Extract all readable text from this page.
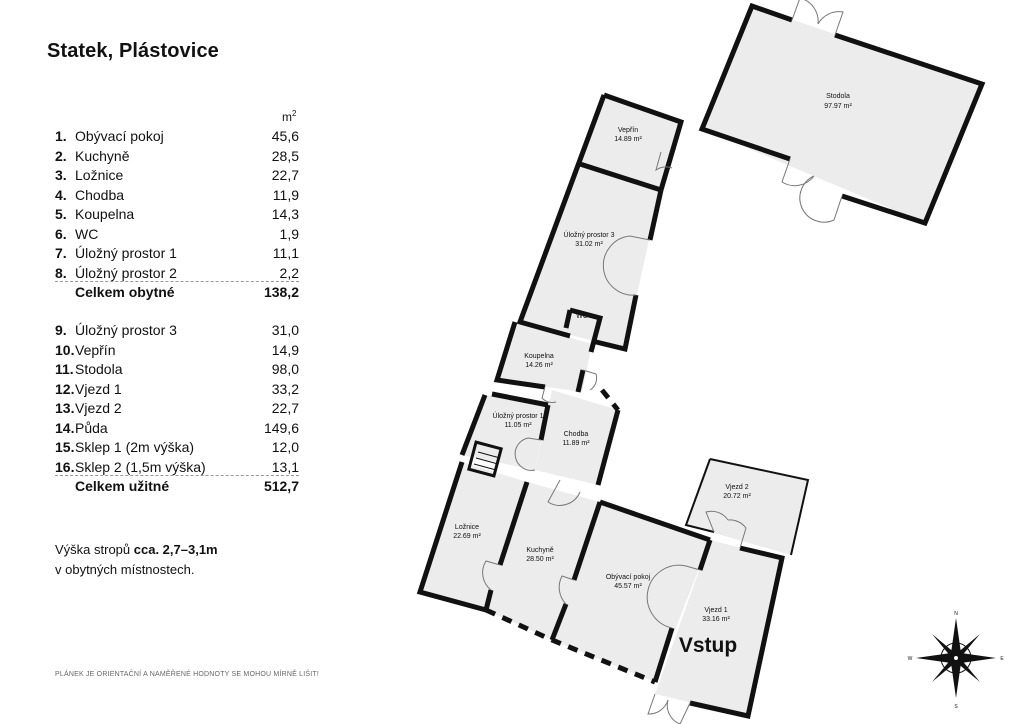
Statek, Plástovice
$m^2$
1. Obývací pokoj	45,6
2. Kuchyně	28,5
3. Ložnice	22,7
4. Chodba	11,9
5. Koupelna	14,3
6. WC	1,9
7. Úložný prostor 1	11,1
8. Úložný prostor 2	2,2
Celkem obytné	138,2
9. Úložný prostor 3	31,0
10. Vepřín	14,9
11. Stodola	98,0
12. Vjezd 1	33,2
13. Vjezd 2	22,7
14. Půda	149,6
15. Sklep 1 (2m výška)	12,0
16. Sklep 2 (1,5m výška)	13,1
Celkem užitné	512,7
Výška stropů cca. 2,7–3,1m
v obytných místnostech.
PLÁNEK JE ORIENTAČNÍ A NAMĚŘENÉ HODNOTY SE MOHOU MÍRNĚ LIŠIT!
Stodola
97.97 m²
Vepřín
14.89 m²
Úložný prostor 3
31.02 m²
WC
Koupelna
14.26 m²
Úložný prostor 1
11.05 m²
Chodba
11.89 m²
Ložnice
22.69 m²
Kuchyně
28.50 m²
Obývací pokoj
45.57 m²
Vjezd 1
33.16 m²
Vjezd 2
20.72 m²
Vstup
N
S
E
W
